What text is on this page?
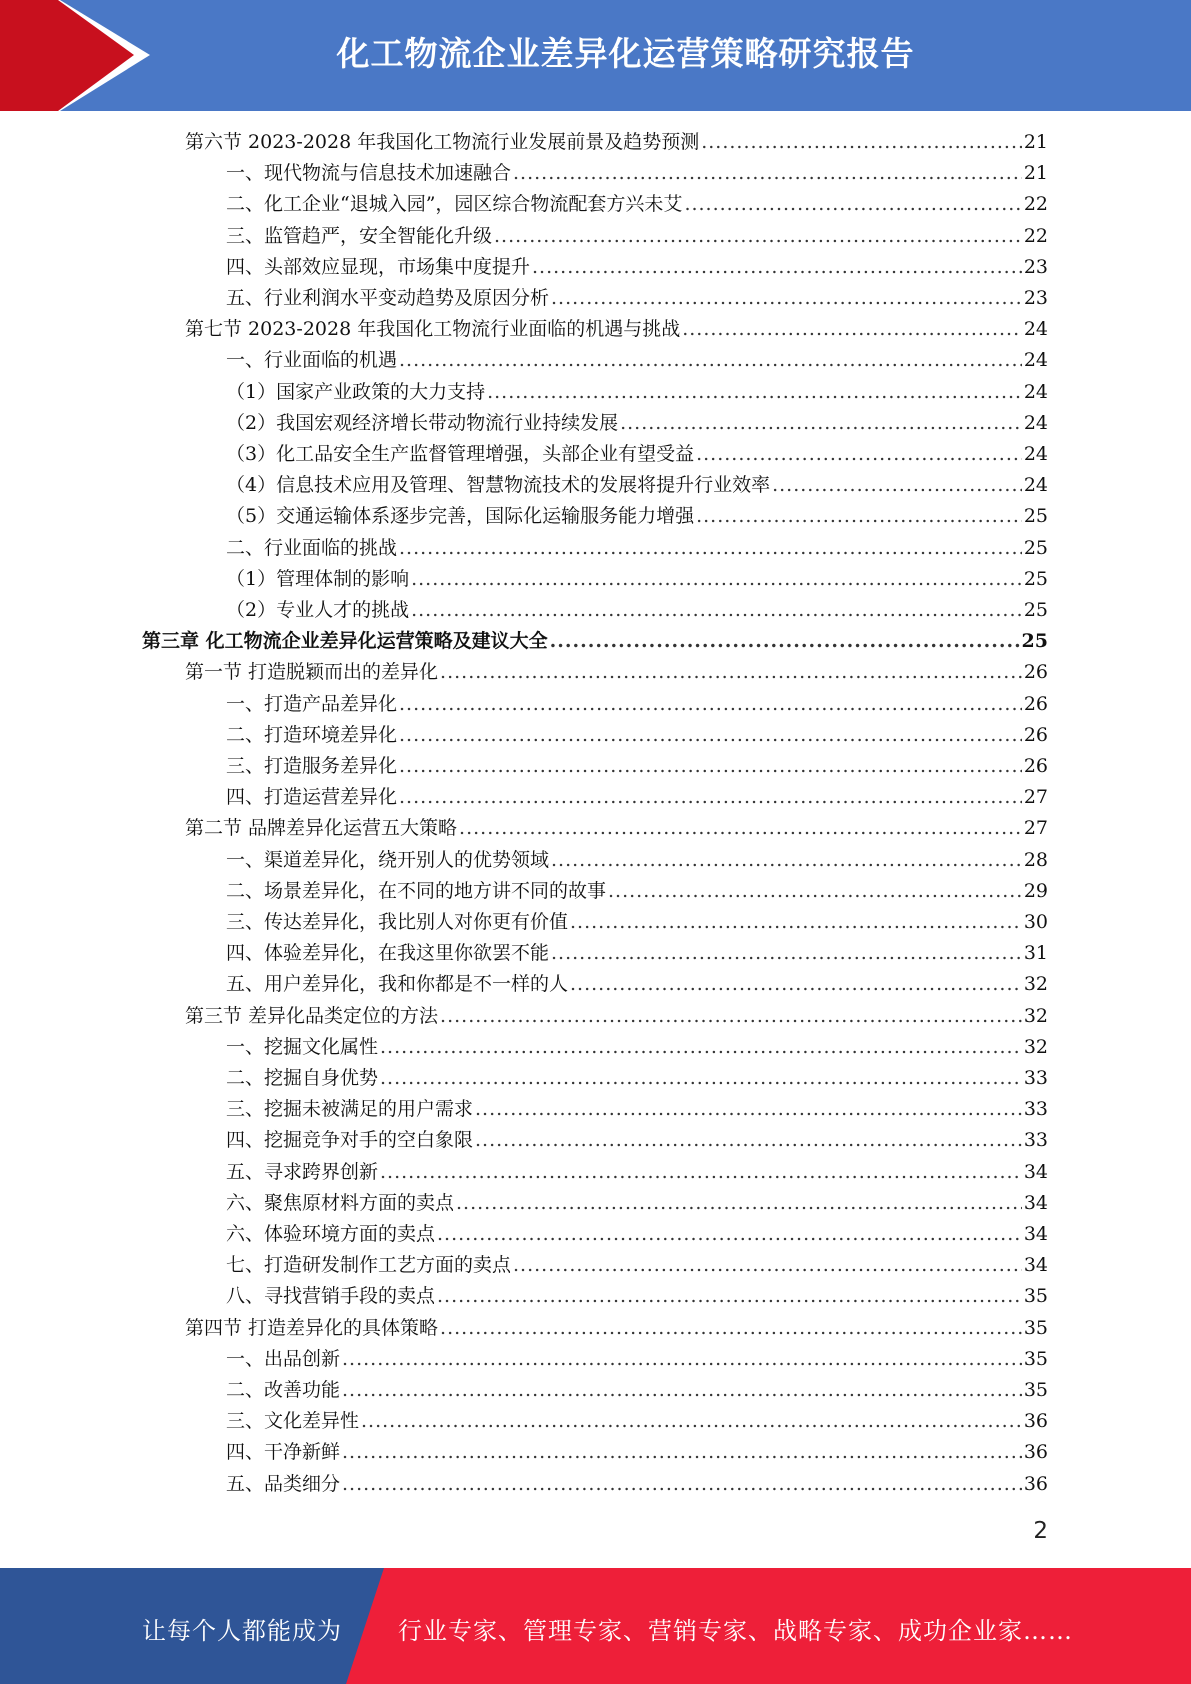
化工物流企业差异化运营策略研究报告
第六节 2023-2028 年我国化工物流行业发展前景及趋势预测 .....	21
一、现代物流与信息技术加速融合 .....	21
二、化工企业“退城入园”，园区综合物流配套方兴未艾 .....	22
三、监管趋严，安全智能化升级 .....	22
四、头部效应显现，市场集中度提升 .....	23
五、行业利润水平变动趋势及原因分析 .....	23
第七节 2023-2028 年我国化工物流行业面临的机遇与挑战 .....	24
一、行业面临的机遇 .....	24
（1）国家产业政策的大力支持 .....	24
（2）我国宏观经济增长带动物流行业持续发展 .....	24
（3）化工品安全生产监督管理增强，头部企业有望受益 .....	24
（4）信息技术应用及管理、智慧物流技术的发展将提升行业效率 .....	24
（5）交通运输体系逐步完善，国际化运输服务能力增强 .....	25
二、行业面临的挑战 .....	25
（1）管理体制的影响 .....	25
（2）专业人才的挑战 .....	25
第三章 化工物流企业差异化运营策略及建议大全 .....	25
第一节 打造脱颖而出的差异化 .....	26
一、打造产品差异化 .....	26
二、打造环境差异化 .....	26
三、打造服务差异化 .....	26
四、打造运营差异化 .....	27
第二节 品牌差异化运营五大策略 .....	27
一、渠道差异化，绕开别人的优势领域 .....	28
二、场景差异化，在不同的地方讲不同的故事 .....	29
三、传达差异化，我比别人对你更有价值 .....	30
四、体验差异化，在我这里你欲罢不能 .....	31
五、用户差异化，我和你都是不一样的人 .....	32
第三节 差异化品类定位的方法 .....	32
一、挖掘文化属性 .....	32
二、挖掘自身优势 .....	33
三、挖掘未被满足的用户需求 .....	33
四、挖掘竞争对手的空白象限 .....	33
五、寻求跨界创新 .....	34
六、聚焦原材料方面的卖点 .....	34
六、体验环境方面的卖点 .....	34
七、打造研发制作工艺方面的卖点 .....	34
八、寻找营销手段的卖点 .....	35
第四节 打造差异化的具体策略 .....	35
一、出品创新 .....	35
二、改善功能 .....	35
三、文化差异性 .....	36
四、干净新鲜 .....	36
五、品类细分 .....	36
2
让每个人都能成为 行业专家、管理专家、营销专家、战略专家、成功企业家……
